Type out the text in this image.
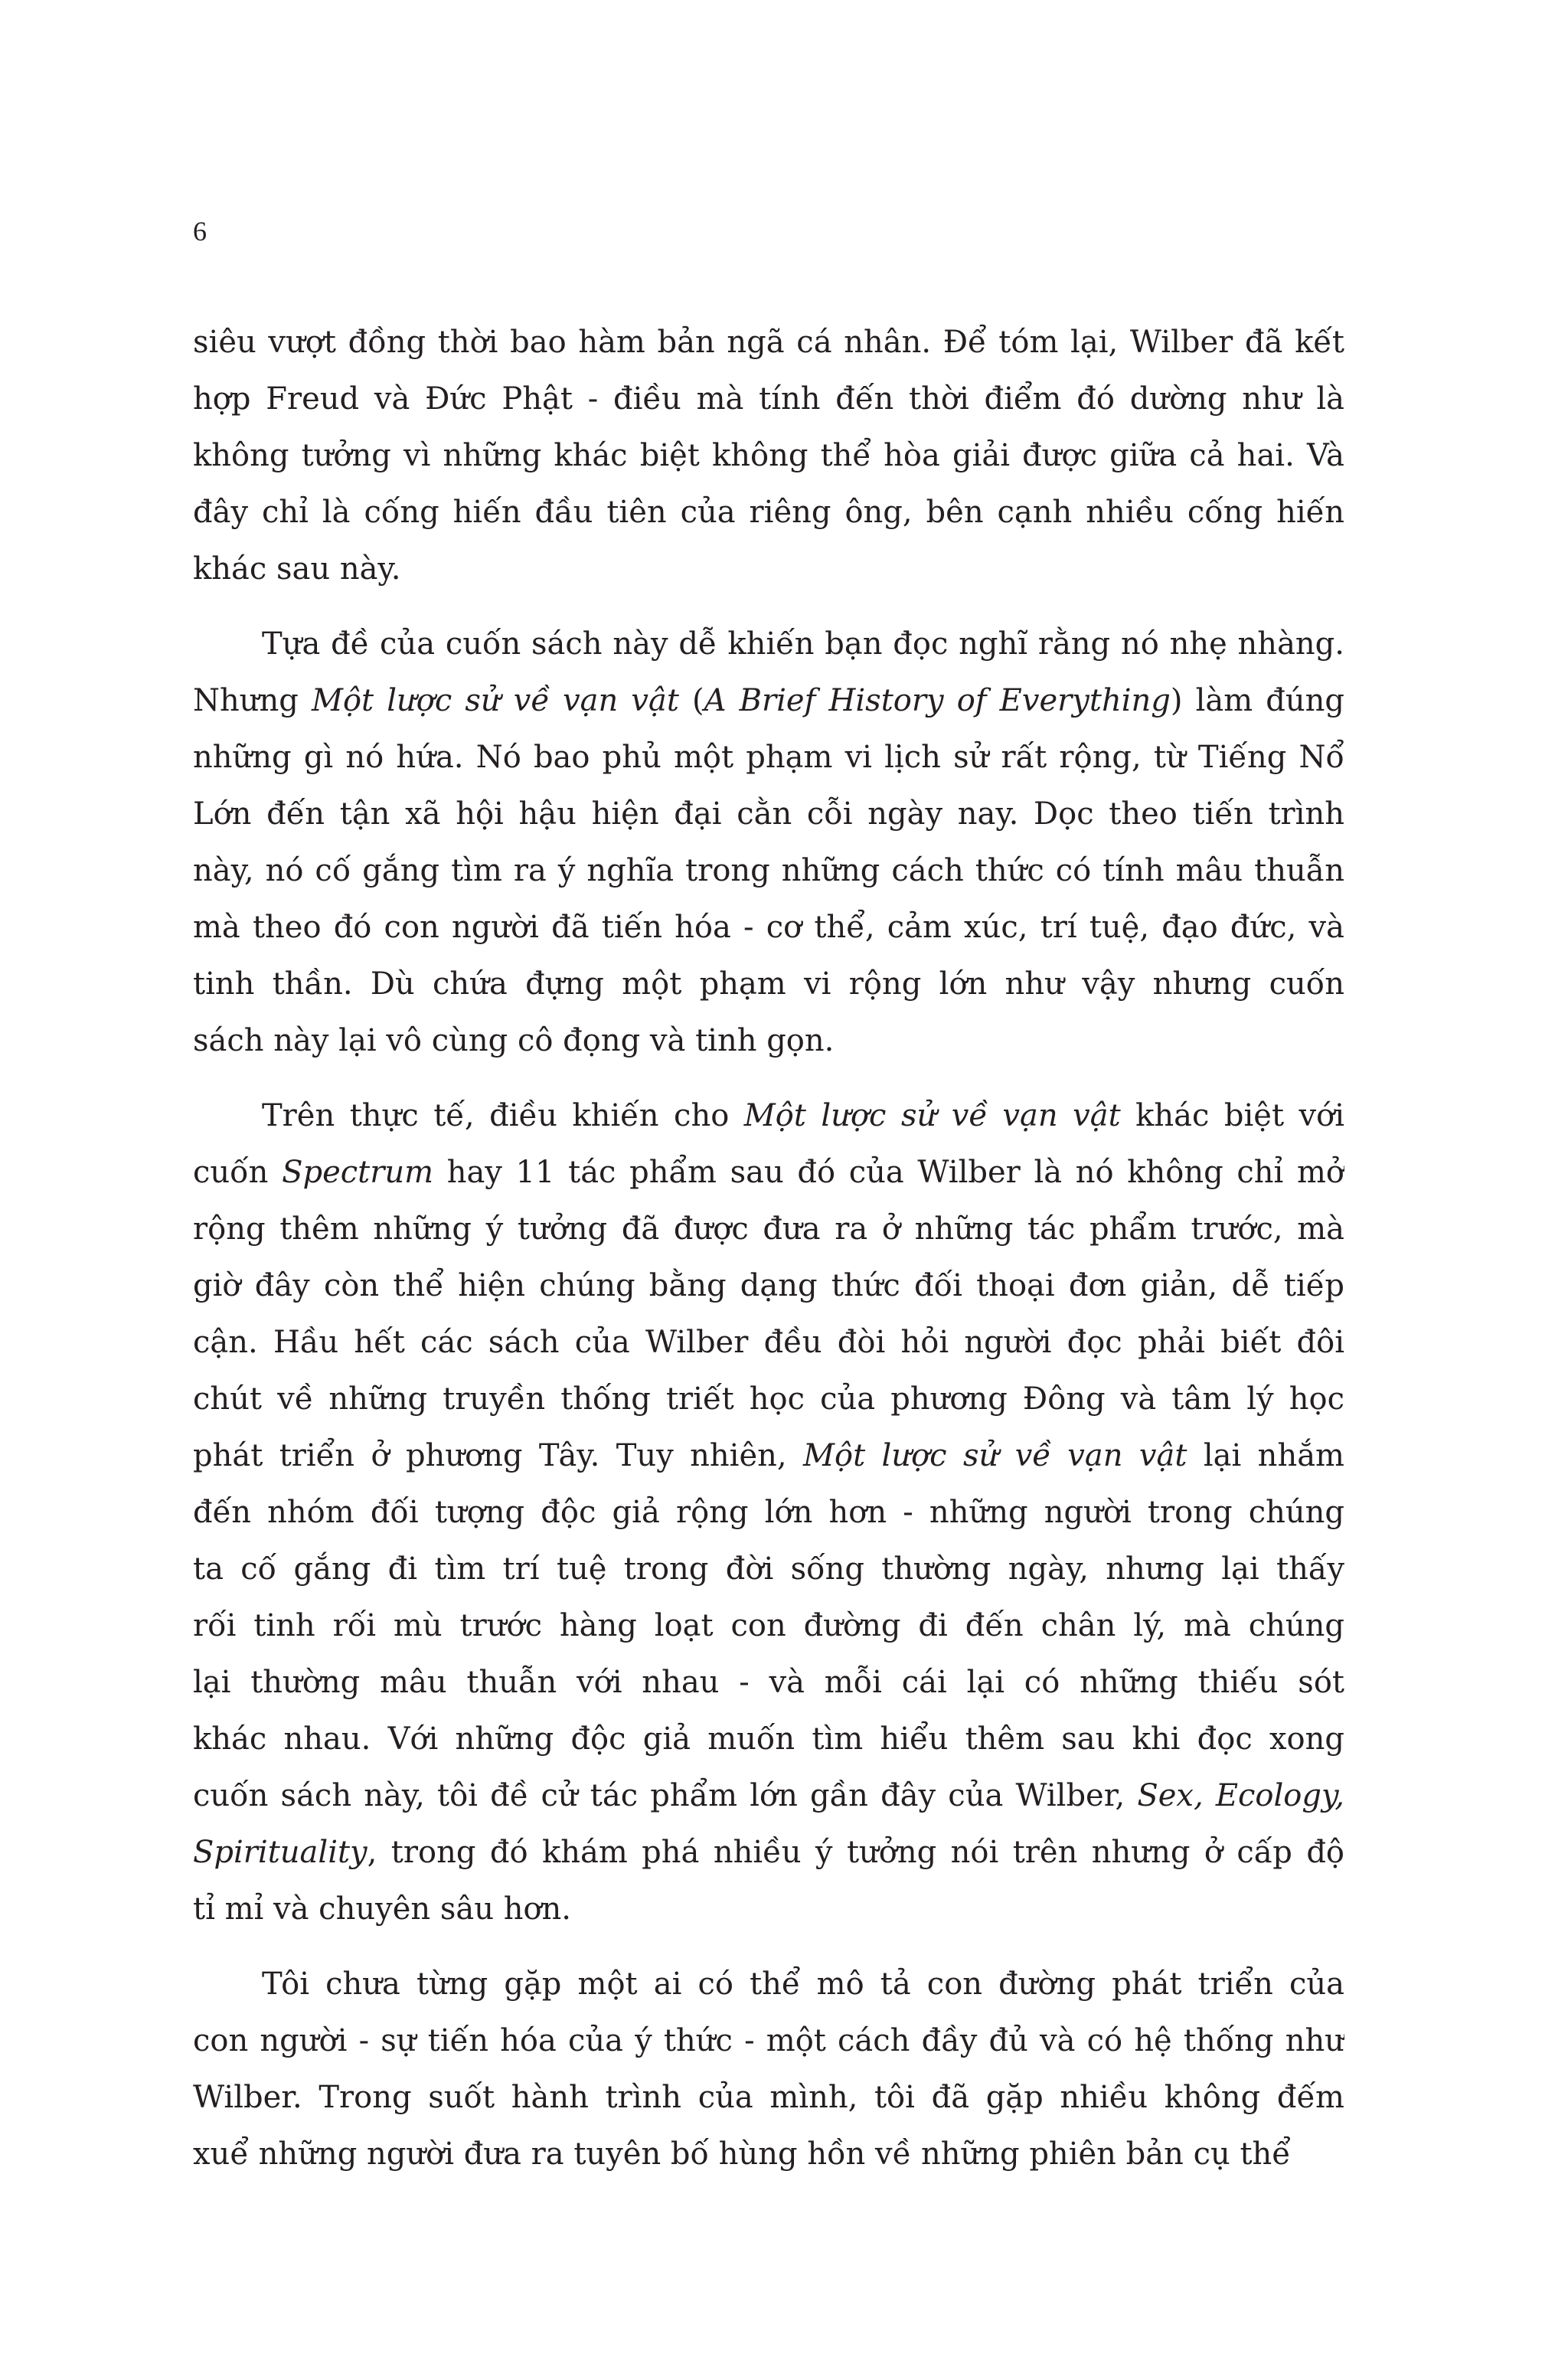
6
siêu vượt đồng thời bao hàm bản ngã cá nhân. Để tóm lại, Wilber đã kết
hợp Freud và Đức Phật - điều mà tính đến thời điểm đó dường như là
không tưởng vì những khác biệt không thể hòa giải được giữa cả hai. Và
đây chỉ là cống hiến đầu tiên của riêng ông, bên cạnh nhiều cống hiến
khác sau này.
Tựa đề của cuốn sách này dễ khiến bạn đọc nghĩ rằng nó nhẹ nhàng.
Nhưng Một lược sử về vạn vật (A Brief History of Everything) làm đúng
những gì nó hứa. Nó bao phủ một phạm vi lịch sử rất rộng, từ Tiếng Nổ
Lớn đến tận xã hội hậu hiện đại cằn cỗi ngày nay. Dọc theo tiến trình
này, nó cố gắng tìm ra ý nghĩa trong những cách thức có tính mâu thuẫn
mà theo đó con người đã tiến hóa - cơ thể, cảm xúc, trí tuệ, đạo đức, và
tinh thần. Dù chứa đựng một phạm vi rộng lớn như vậy nhưng cuốn
sách này lại vô cùng cô đọng và tinh gọn.
Trên thực tế, điều khiến cho Một lược sử về vạn vật khác biệt với
cuốn Spectrum hay 11 tác phẩm sau đó của Wilber là nó không chỉ mở
rộng thêm những ý tưởng đã được đưa ra ở những tác phẩm trước, mà
giờ đây còn thể hiện chúng bằng dạng thức đối thoại đơn giản, dễ tiếp
cận. Hầu hết các sách của Wilber đều đòi hỏi người đọc phải biết đôi
chút về những truyền thống triết học của phương Đông và tâm lý học
phát triển ở phương Tây. Tuy nhiên, Một lược sử về vạn vật lại nhắm
đến nhóm đối tượng độc giả rộng lớn hơn - những người trong chúng
ta cố gắng đi tìm trí tuệ trong đời sống thường ngày, nhưng lại thấy
rối tinh rối mù trước hàng loạt con đường đi đến chân lý, mà chúng
lại thường mâu thuẫn với nhau - và mỗi cái lại có những thiếu sót
khác nhau. Với những độc giả muốn tìm hiểu thêm sau khi đọc xong
cuốn sách này, tôi đề cử tác phẩm lớn gần đây của Wilber, Sex, Ecology,
Spirituality, trong đó khám phá nhiều ý tưởng nói trên nhưng ở cấp độ
tỉ mỉ và chuyên sâu hơn.
Tôi chưa từng gặp một ai có thể mô tả con đường phát triển của
con người - sự tiến hóa của ý thức - một cách đầy đủ và có hệ thống như
Wilber. Trong suốt hành trình của mình, tôi đã gặp nhiều không đếm
xuể những người đưa ra tuyên bố hùng hồn về những phiên bản cụ thể
